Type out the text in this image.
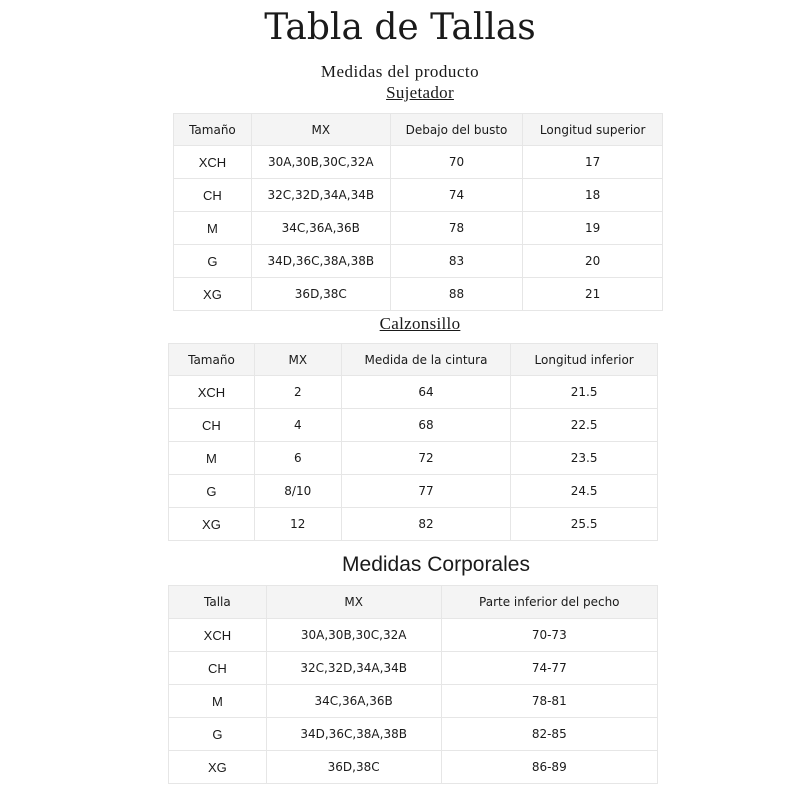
Tabla de Tallas
Medidas del producto
Sujetador
Tamaño	MX	Debajo del busto	Longitud superior
XCH	30A,30B,30C,32A	70	17
CH	32C,32D,34A,34B	74	18
M	34C,36A,36B	78	19
G	34D,36C,38A,38B	83	20
XG	36D,38C	88	21
Calzonsillo
Tamaño	MX	Medida de la cintura	Longitud inferior
XCH	2	64	21.5
CH	4	68	22.5
M	6	72	23.5
G	8/10	77	24.5
XG	12	82	25.5
Medidas Corporales
Talla	MX	Parte inferior del pecho
XCH	30A,30B,30C,32A	70-73
CH	32C,32D,34A,34B	74-77
M	34C,36A,36B	78-81
G	34D,36C,38A,38B	82-85
XG	36D,38C	86-89
